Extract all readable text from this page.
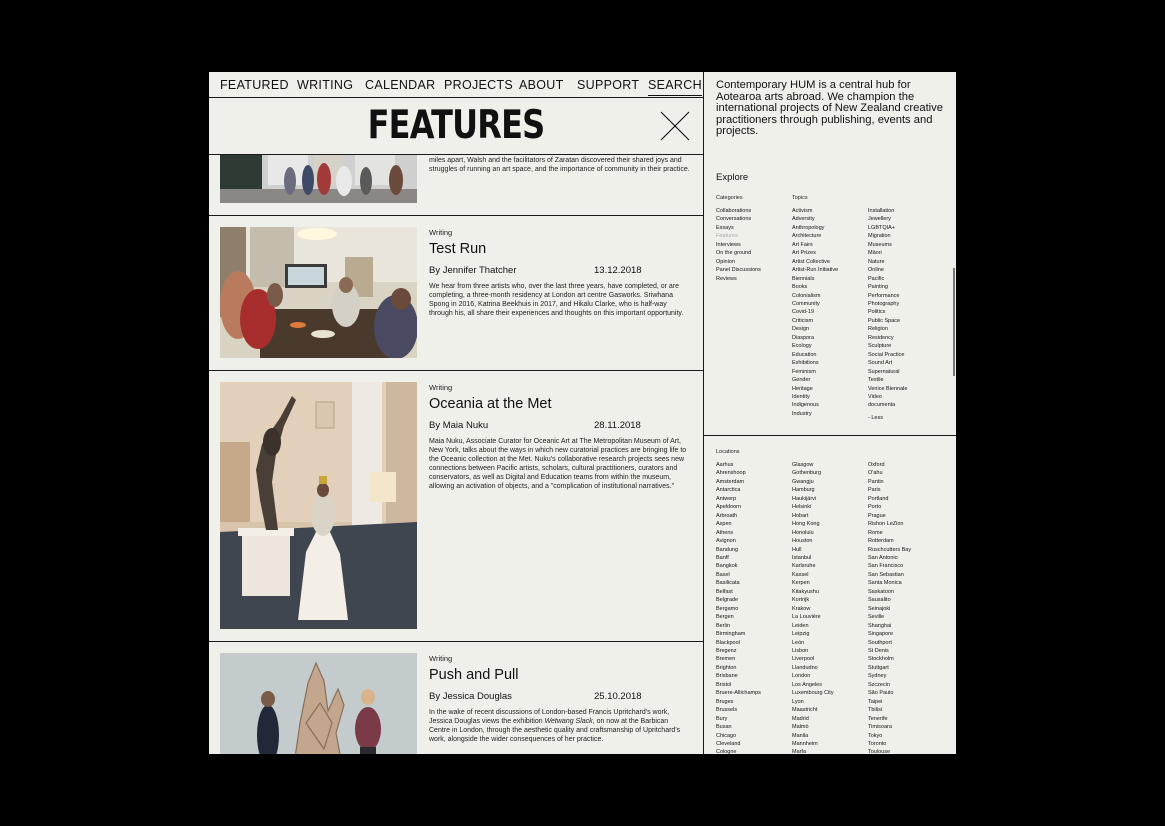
FEATURED WRITING CALENDAR PROJECTS ABOUT SUPPORT SEARCH
FEATURES

miles apart, Walsh and the facilitators of Zaratan discovered their shared joys and struggles of running an art space, and the importance of community in their practice.

Writing
Test Run
By Jennifer Thatcher	13.12.2018

We hear from three artists who, over the last three years, have completed, or are completing, a three-month residency at London art centre Gasworks. Sriwhana Spong in 2016, Katrina Beekhuis in 2017, and Hikalu Clarke, who is half-way through his, all share their experiences and thoughts on this important opportunity.

Writing
Oceania at the Met
By Maia Nuku	28.11.2018

Maia Nuku, Associate Curator for Oceanic Art at The Metropolitan Museum of Art, New York, talks about the ways in which new curatorial practices are bringing life to the Oceanic collection at the Met. Nuku's collaborative research projects sees new connections between Pacific artists, scholars, cultural practitioners, curators and conservators, as well as Digital and Education teams from within the museum, allowing an activation of objects, and a "complication of institutional narratives."

Writing
Push and Pull
By Jessica Douglas	25.10.2018

In the wake of recent discussions of London-based Francis Upritchard's work, Jessica Douglas views the exhibition Wetwang Slack, on now at the Barbican Centre in London, through the aesthetic quality and craftsmanship of Upritchard's work, alongside the wider consequences of her practice.

Contemporary HUM is a central hub for Aotearoa arts abroad. We champion the international projects of New Zealand creative practitioners through publishing, events and projects.

Explore
Categories
Collaborations
Conversations
Essays
Features
Interviews
On the ground
Opinion
Panel Discussions
Reviews
Topics
Activism
Adversity
Anthropology
Architecture
Art Fairs
Art Prizes
Artist Collective
Artist-Run Initiative
Biennials
Books
Colonialism
Community
Covid-19
Criticism
Design
Diaspora
Ecology
Education
Exhibitions
Feminism
Gender
Heritage
Identity
Indigenous
Industry
Installation
Jewellery
LGBTQIA+
Migration
Museums
Māori
Nature
Online
Pacific
Painting
Performance
Photography
Politics
Public Space
Religion
Residency
Sculpture
Social Practice
Sound Art
Supernatural
Textile
Venice Biennale
Video
documenta
- Less
Locations
Aarhus
Ahrenshoop
Amsterdam
Antarctica
Antwerp
Apeldoorn
Arbroath
Aspen
Athens
Avignon
Bandung
Banff
Bangkok
Basel
Basilicata
Belfast
Belgrade
Bergamo
Bergen
Berlin
Birmingham
Blackpool
Bregenz
Bremen
Brighton
Brisbane
Bristol
Bruere-Allichamps
Bruges
Brussels
Bury
Busan
Chicago
Cleveland
Cologne
Glasgow
Gothenburg
Gwangju
Hamburg
Haukijärvi
Helsinki
Hobart
Hong Kong
Honolulu
Houston
Hull
Istanbul
Karlsruhe
Kassel
Kerpen
Kitakyushu
Kortrijk
Krakow
La Louvière
Leiden
Leipzig
León
Lisbon
Liverpool
Llandudno
London
Los Angeles
Luxembourg City
Lyon
Maastricht
Madrid
Malmö
Manila
Mannheim
Marfa
Oxford
O'ahu
Pantin
Paris
Portland
Porto
Prague
Rishon LeZion
Rome
Rotterdam
Ruschcutters Bay
San Antonio
San Francisco
San Sebastian
Santa Monica
Saskatoon
Sausalito
Seinajoki
Seville
Shanghai
Singapore
Southport
St Denis
Stockholm
Stuttgart
Sydney
Szczecin
São Paulo
Taipei
Tbilisi
Tenerife
Timisoara
Tokyo
Toronto
Toulouse
